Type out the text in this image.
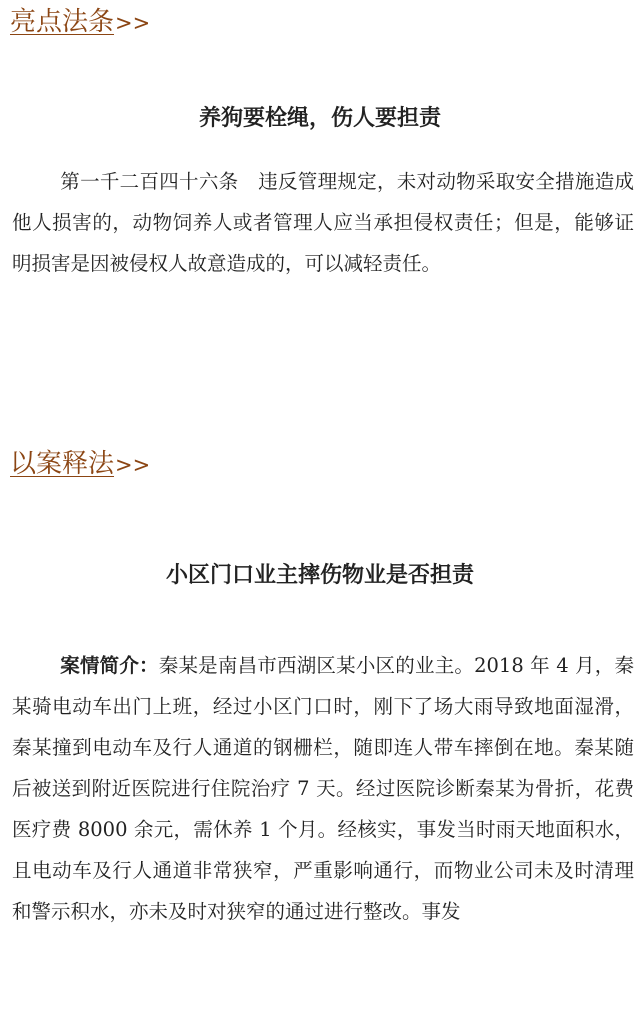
亮点法条>>
养狗要栓绳，伤人要担责
第一千二百四十六条　违反管理规定，未对动物采取安全措施造成他人损害的，动物饲养人或者管理人应当承担侵权责任；但是，能够证明损害是因被侵权人故意造成的，可以减轻责任。
以案释法>>
小区门口业主摔伤物业是否担责
案情简介：秦某是南昌市西湖区某小区的业主。2018 年 4 月，秦某骑电动车出门上班，经过小区门口时，刚下了场大雨导致地面湿滑，秦某撞到电动车及行人通道的钢栅栏，随即连人带车摔倒在地。秦某随后被送到附近医院进行住院治疗 7 天。经过医院诊断秦某为骨折，花费医疗费 8000 余元，需休养 1 个月。经核实，事发当时雨天地面积水，且电动车及行人通道非常狭窄，严重影响通行，而物业公司未及时清理和警示积水，亦未及时对狭窄的通过进行整改。事发
